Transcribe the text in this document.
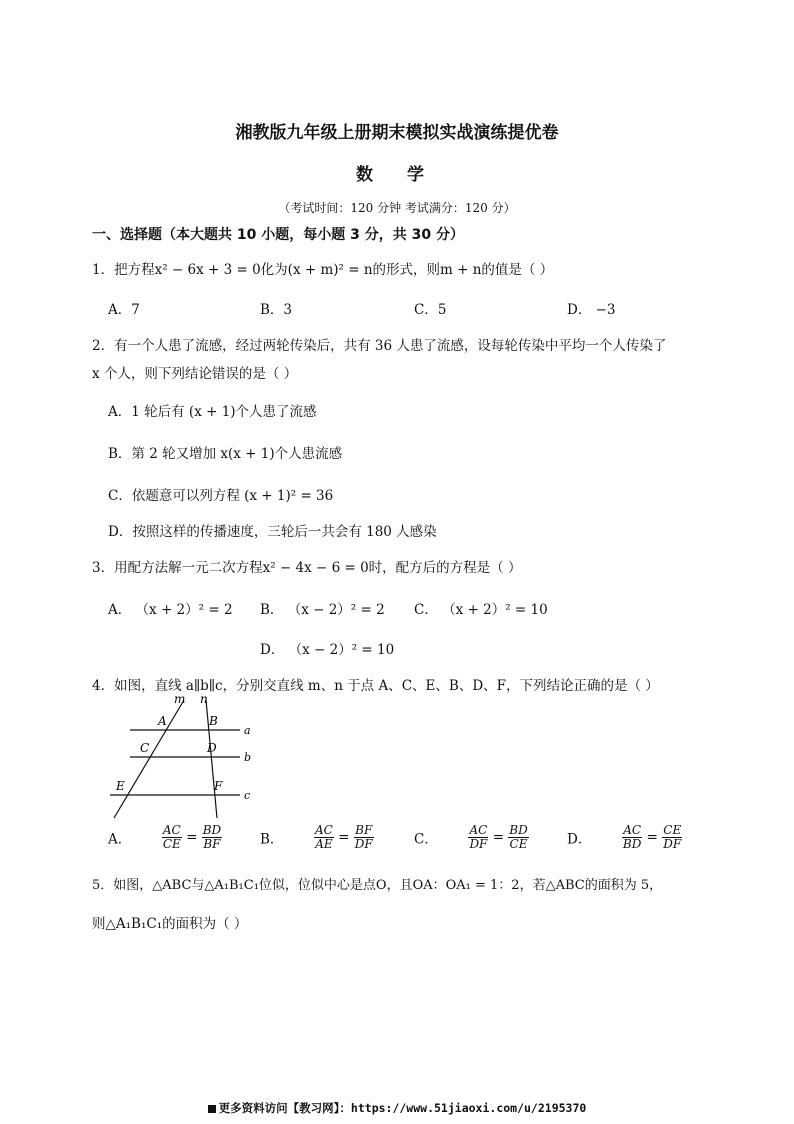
湘教版九年级上册期末模拟实战演练提优卷
数 学
（考试时间：120 分钟 考试满分：120 分）
一、选择题（本大题共 10 小题，每小题 3 分，共 30 分）
1．把方程x² − 6x + 3 = 0化为(x + m)² = n的形式，则m + n的值是（ ）
A．7	B．3	C．5	D． −3
2．有一个人患了流感，经过两轮传染后，共有 36 人患了流感，设每轮传染中平均一个人传染了
x 个人，则下列结论错误的是（ ）
A．1 轮后有 (x + 1)个人患了流感
B．第 2 轮又增加 x(x + 1)个人患流感
C．依题意可以列方程 (x + 1)² = 36
D．按照这样的传播速度，三轮后一共会有 180 人感染
3．用配方法解一元二次方程x² − 4x − 6 = 0时，配方后的方程是（ ）
A． （x + 2）² = 2 B． （x − 2）² = 2 C． （x + 2）² = 10
D． （x − 2）² = 10
4．如图，直线 a∥b∥c，分别交直线 m、n 于点 A、C、E、B、D、F，下列结论正确的是（ ）
m n
a
b
c
A	B
C	D
E	F
A．	$\frac{AC}{CE} = \frac{BD}{BF}$	B．	$\frac{AC}{AE} = \frac{BF}{DF}$	C．	$\frac{AC}{DF} = \frac{BD}{CE}$	D．	$\frac{AC}{BD} = \frac{CE}{DF}$
5．如图，△ABC与△A₁B₁C₁位似，位似中心是点O，且OA：OA₁ = 1：2，若△ABC的面积为 5，
则△A₁B₁C₁的面积为（ ）
更多资料访问【教习网】：https://www.51jiaoxi.com/u/2195370
